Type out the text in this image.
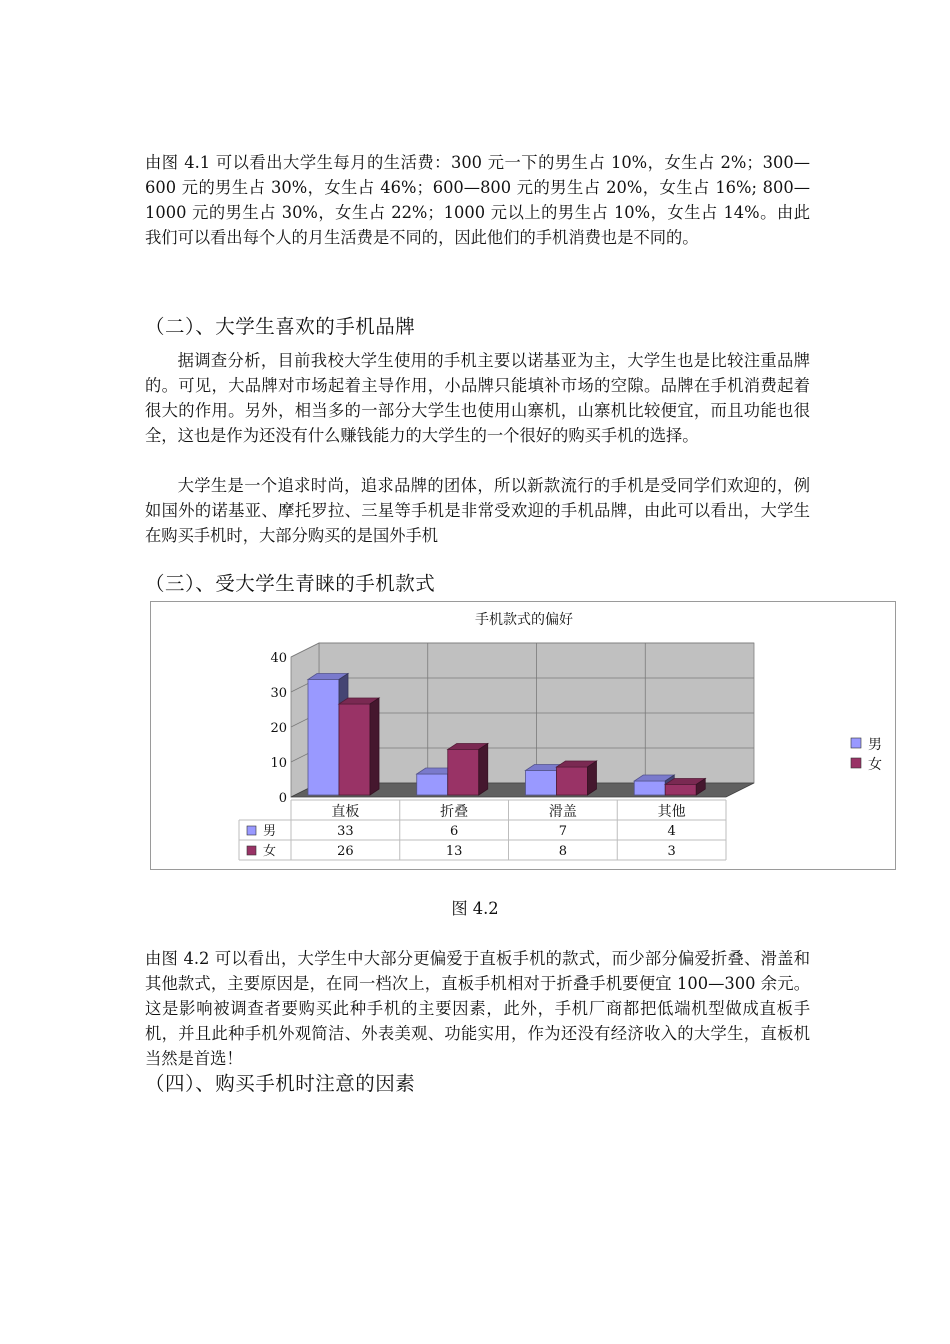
由图 4.1 可以看出大学生每月的生活费：300 元一下的男生占 10%，女生占 2%；300—600 元的男生占 30%，女生占 46%；600—800 元的男生占 20%，女生占 16%; 800—1000 元的男生占 30%，女生占 22%；1000 元以上的男生占 10%，女生占 14%。由此我们可以看出每个人的月生活费是不同的，因此他们的手机消费也是不同的。

（二）、大学生喜欢的手机品牌

据调查分析，目前我校大学生使用的手机主要以诺基亚为主，大学生也是比较注重品牌的。可见，大品牌对市场起着主导作用，小品牌只能填补市场的空隙。品牌在手机消费起着很大的作用。另外，相当多的一部分大学生也使用山寨机，山寨机比较便宜，而且功能也很全，这也是作为还没有什么赚钱能力的大学生的一个很好的购买手机的选择。

大学生是一个追求时尚，追求品牌的团体，所以新款流行的手机是受同学们欢迎的，例如国外的诺基亚、摩托罗拉、三星等手机是非常受欢迎的手机品牌，由此可以看出，大学生在购买手机时，大部分购买的是国外手机

（三）、受大学生青睐的手机款式

手机款式的偏好
0
10
20
30
40
直板	折叠	滑盖	其他
男	33	6	7	4
女	26	13	8	3
男
女

图 4.2

由图 4.2 可以看出，大学生中大部分更偏爱于直板手机的款式，而少部分偏爱折叠、滑盖和其他款式，主要原因是，在同一档次上，直板手机相对于折叠手机要便宜 100—300 余元。这是影响被调查者要购买此种手机的主要因素，此外，手机厂商都把低端机型做成直板手机，并且此种手机外观简洁、外表美观、功能实用，作为还没有经济收入的大学生，直板机当然是首选！

（四）、购买手机时注意的因素
